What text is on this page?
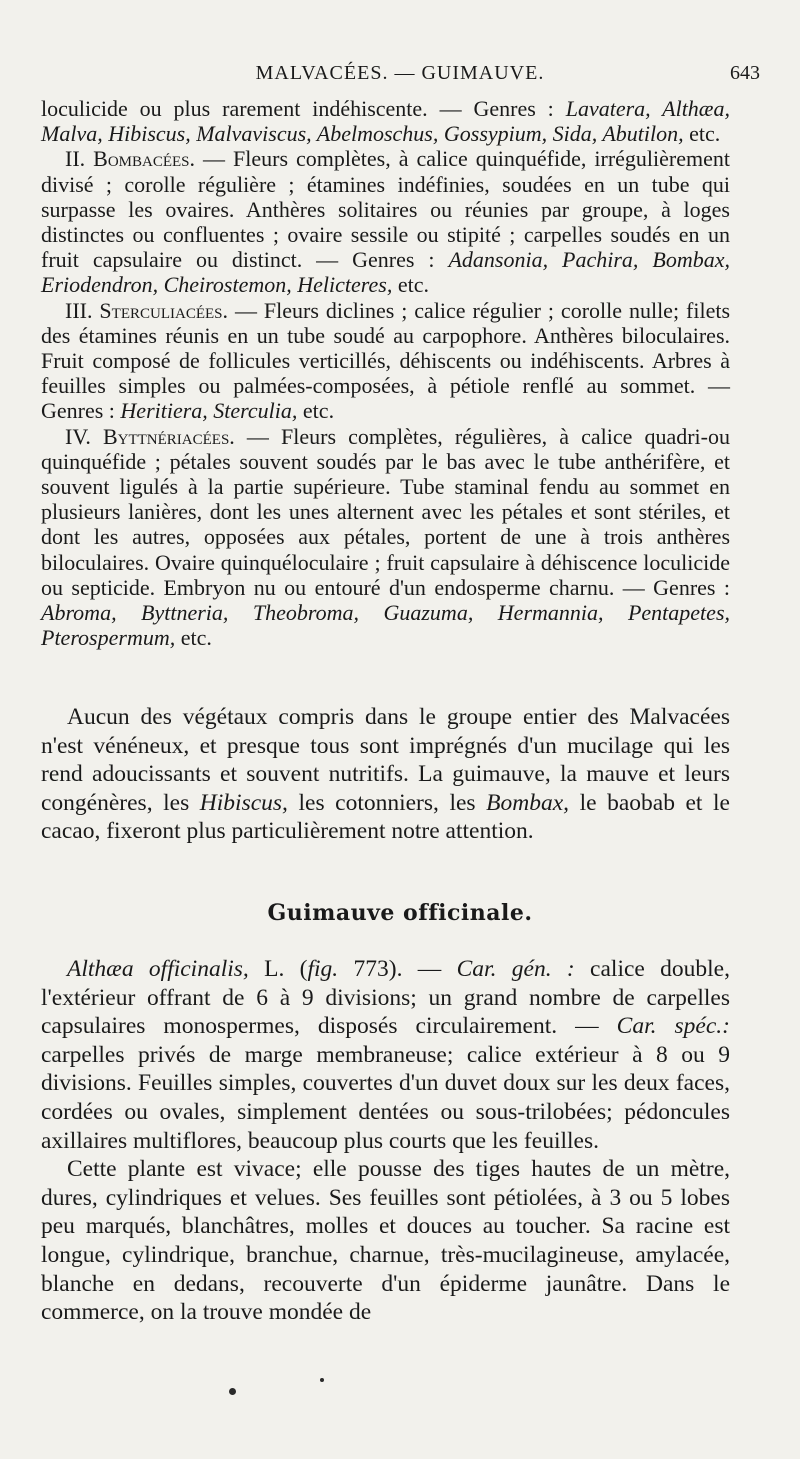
MALVACÉES. — GUIMAUVE.	643

loculicide ou plus rarement indéhiscente. — Genres : Lavatera, Althæa, Malva, Hibiscus, Malvaviscus, Abelmoschus, Gossypium, Sida, Abutilon, etc.

II. Bombacées. — Fleurs complètes, à calice quinquéfide, irrégulièrement divisé ; corolle régulière ; étamines indéfinies, soudées en un tube qui surpasse les ovaires. Anthères solitaires ou réunies par groupe, à loges distinctes ou confluentes ; ovaire sessile ou stipité ; carpelles soudés en un fruit capsulaire ou distinct. — Genres : Adansonia, Pachira, Bombax, Eriodendron, Cheirostemon, Helicteres, etc.

III. Sterculiacées. — Fleurs diclines ; calice régulier ; corolle nulle; filets des étamines réunis en un tube soudé au carpophore. Anthères biloculaires. Fruit composé de follicules verticillés, déhiscents ou indéhiscents. Arbres à feuilles simples ou palmées-composées, à pétiole renflé au sommet. — Genres : Heritiera, Sterculia, etc.

IV. Byttnériacées. — Fleurs complètes, régulières, à calice quadri-ou quinquéfide ; pétales souvent soudés par le bas avec le tube anthérifère, et souvent ligulés à la partie supérieure. Tube staminal fendu au sommet en plusieurs lanières, dont les unes alternent avec les pétales et sont stériles, et dont les autres, opposées aux pétales, portent de une à trois anthères biloculaires. Ovaire quinquéloculaire ; fruit capsulaire à déhiscence loculicide ou septicide. Embryon nu ou entouré d'un endosperme charnu. — Genres : Abroma, Byttneria, Theobroma, Guazuma, Hermannia, Pentapetes, Pterospermum, etc.

Aucun des végétaux compris dans le groupe entier des Malvacées n'est vénéneux, et presque tous sont imprégnés d'un mucilage qui les rend adoucissants et souvent nutritifs. La guimauve, la mauve et leurs congénères, les Hibiscus, les cotonniers, les Bombax, le baobab et le cacao, fixeront plus particulièrement notre attention.

Guimauve officinale.

Althæa officinalis, L. (fig. 773). — Car. gén. : calice double, l'extérieur offrant de 6 à 9 divisions; un grand nombre de carpelles capsulaires monospermes, disposés circulairement. — Car. spéc.: carpelles privés de marge membraneuse; calice extérieur à 8 ou 9 divisions. Feuilles simples, couvertes d'un duvet doux sur les deux faces, cordées ou ovales, simplement dentées ou sous-trilobées; pédoncules axillaires multiflores, beaucoup plus courts que les feuilles.

Cette plante est vivace; elle pousse des tiges hautes de un mètre, dures, cylindriques et velues. Ses feuilles sont pétiolées, à 3 ou 5 lobes peu marqués, blanchâtres, molles et douces au toucher. Sa racine est longue, cylindrique, branchue, charnue, très-mucilagineuse, amylacée, blanche en dedans, recouverte d'un épiderme jaunâtre. Dans le commerce, on la trouve mondée de
